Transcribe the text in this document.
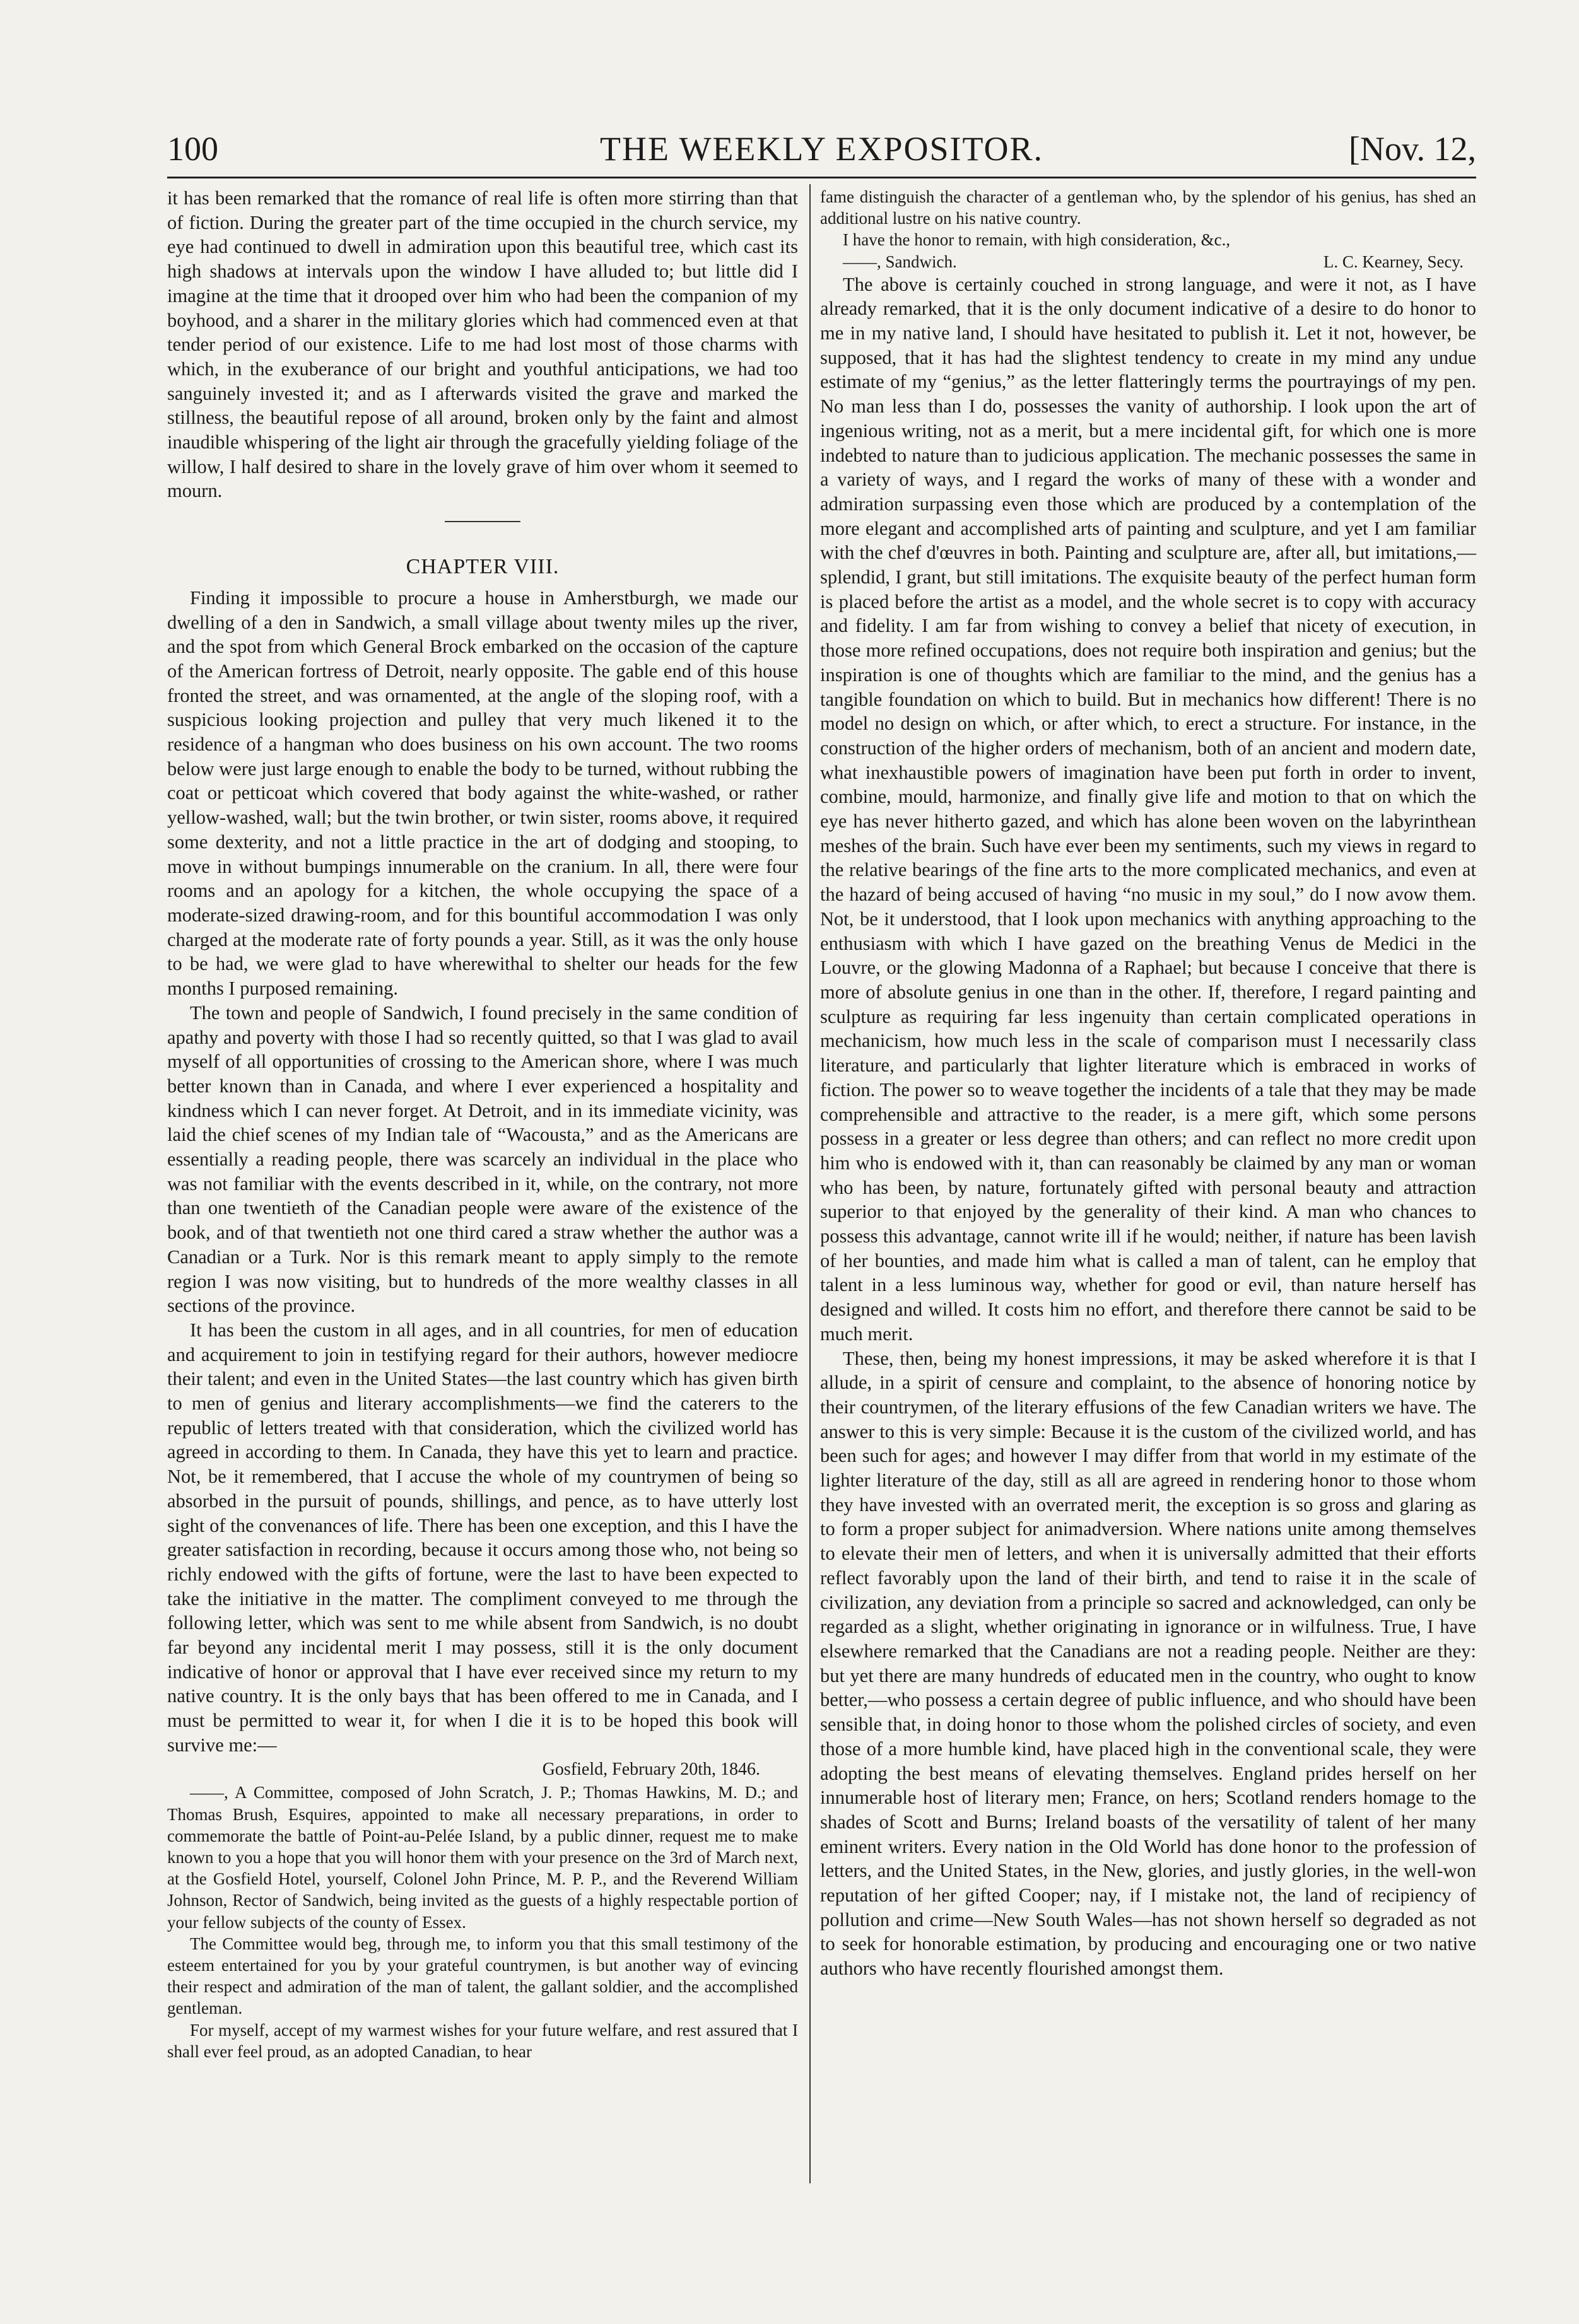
100	THE WEEKLY EXPOSITOR.	[Nov. 12,

it has been remarked that the romance of real life is often more stirring than that of fiction. During the greater part of the time occupied in the church service, my eye had continued to dwell in admiration upon this beautiful tree, which cast its high shadows at intervals upon the window I have alluded to; but little did I imagine at the time that it drooped over him who had been the companion of my boyhood, and a sharer in the military glories which had commenced even at that tender period of our existence. Life to me had lost most of those charms with which, in the exuberance of our bright and youthful anticipations, we had too sanguinely invested it; and as I afterwards visited the grave and marked the stillness, the beautiful repose of all around, broken only by the faint and almost inaudible whispering of the light air through the gracefully yielding foliage of the willow, I half desired to share in the lovely grave of him over whom it seemed to mourn.

CHAPTER VIII.

Finding it impossible to procure a house in Amherstburgh, we made our dwelling of a den in Sandwich, a small village about twenty miles up the river, and the spot from which General Brock embarked on the occasion of the capture of the American fortress of Detroit, nearly opposite. The gable end of this house fronted the street, and was ornamented, at the angle of the sloping roof, with a suspicious looking projection and pulley that very much likened it to the residence of a hangman who does business on his own account. The two rooms below were just large enough to enable the body to be turned, without rubbing the coat or petticoat which covered that body against the white-washed, or rather yellow-washed, wall; but the twin brother, or twin sister, rooms above, it required some dexterity, and not a little practice in the art of dodging and stooping, to move in without bumpings innumerable on the cranium. In all, there were four rooms and an apology for a kitchen, the whole occupying the space of a moderate-sized drawing-room, and for this bountiful accommodation I was only charged at the moderate rate of forty pounds a year. Still, as it was the only house to be had, we were glad to have wherewithal to shelter our heads for the few months I purposed remaining.

The town and people of Sandwich, I found precisely in the same condition of apathy and poverty with those I had so recently quitted, so that I was glad to avail myself of all opportunities of crossing to the American shore, where I was much better known than in Canada, and where I ever experienced a hospitality and kindness which I can never forget. At Detroit, and in its immediate vicinity, was laid the chief scenes of my Indian tale of “Wacousta,” and as the Americans are essentially a reading people, there was scarcely an individual in the place who was not familiar with the events described in it, while, on the contrary, not more than one twentieth of the Canadian people were aware of the existence of the book, and of that twentieth not one third cared a straw whether the author was a Canadian or a Turk. Nor is this remark meant to apply simply to the remote region I was now visiting, but to hundreds of the more wealthy classes in all sections of the province.

It has been the custom in all ages, and in all countries, for men of education and acquirement to join in testifying regard for their authors, however mediocre their talent; and even in the United States—the last country which has given birth to men of genius and literary accomplishments—we find the caterers to the republic of letters treated with that consideration, which the civilized world has agreed in according to them. In Canada, they have this yet to learn and practice. Not, be it remembered, that I accuse the whole of my countrymen of being so absorbed in the pursuit of pounds, shillings, and pence, as to have utterly lost sight of the convenances of life. There has been one exception, and this I have the greater satisfaction in recording, because it occurs among those who, not being so richly endowed with the gifts of fortune, were the last to have been expected to take the initiative in the matter. The compliment conveyed to me through the following letter, which was sent to me while absent from Sandwich, is no doubt far beyond any incidental merit I may possess, still it is the only document indicative of honor or approval that I have ever received since my return to my native country. It is the only bays that has been offered to me in Canada, and I must be permitted to wear it, for when I die it is to be hoped this book will survive me:—

Gosfield, February 20th, 1846.

——, A Committee, composed of John Scratch, J. P.; Thomas Hawkins, M. D.; and Thomas Brush, Esquires, appointed to make all necessary preparations, in order to commemorate the battle of Point-au-Pelée Island, by a public dinner, request me to make known to you a hope that you will honor them with your presence on the 3rd of March next, at the Gosfield Hotel, yourself, Colonel John Prince, M. P. P., and the Reverend William Johnson, Rector of Sandwich, being invited as the guests of a highly respectable portion of your fellow subjects of the county of Essex.

The Committee would beg, through me, to inform you that this small testimony of the esteem entertained for you by your grateful countrymen, is but another way of evincing their respect and admiration of the man of talent, the gallant soldier, and the accomplished gentleman.

For myself, accept of my warmest wishes for your future welfare, and rest assured that I shall ever feel proud, as an adopted Canadian, to hear

fame distinguish the character of a gentleman who, by the splendor of his genius, has shed an additional lustre on his native country.

I have the honor to remain, with high consideration, &c.,

——, Sandwich.	L. C. Kearney, Secy.

The above is certainly couched in strong language, and were it not, as I have already remarked, that it is the only document indicative of a desire to do honor to me in my native land, I should have hesitated to publish it. Let it not, however, be supposed, that it has had the slightest tendency to create in my mind any undue estimate of my “genius,” as the letter flatteringly terms the pourtrayings of my pen. No man less than I do, possesses the vanity of authorship. I look upon the art of ingenious writing, not as a merit, but a mere incidental gift, for which one is more indebted to nature than to judicious application. The mechanic possesses the same in a variety of ways, and I regard the works of many of these with a wonder and admiration surpassing even those which are produced by a contemplation of the more elegant and accomplished arts of painting and sculpture, and yet I am familiar with the chef d'œuvres in both. Painting and sculpture are, after all, but imitations,—splendid, I grant, but still imitations. The exquisite beauty of the perfect human form is placed before the artist as a model, and the whole secret is to copy with accuracy and fidelity. I am far from wishing to convey a belief that nicety of execution, in those more refined occupations, does not require both inspiration and genius; but the inspiration is one of thoughts which are familiar to the mind, and the genius has a tangible foundation on which to build. But in mechanics how different! There is no model no design on which, or after which, to erect a structure. For instance, in the construction of the higher orders of mechanism, both of an ancient and modern date, what inexhaustible powers of imagination have been put forth in order to invent, combine, mould, harmonize, and finally give life and motion to that on which the eye has never hitherto gazed, and which has alone been woven on the labyrinthean meshes of the brain. Such have ever been my sentiments, such my views in regard to the relative bearings of the fine arts to the more complicated mechanics, and even at the hazard of being accused of having “no music in my soul,” do I now avow them. Not, be it understood, that I look upon mechanics with anything approaching to the enthusiasm with which I have gazed on the breathing Venus de Medici in the Louvre, or the glowing Madonna of a Raphael; but because I conceive that there is more of absolute genius in one than in the other. If, therefore, I regard painting and sculpture as requiring far less ingenuity than certain complicated operations in mechanicism, how much less in the scale of comparison must I necessarily class literature, and particularly that lighter literature which is embraced in works of fiction. The power so to weave together the incidents of a tale that they may be made comprehensible and attractive to the reader, is a mere gift, which some persons possess in a greater or less degree than others; and can reflect no more credit upon him who is endowed with it, than can reasonably be claimed by any man or woman who has been, by nature, fortunately gifted with personal beauty and attraction superior to that enjoyed by the generality of their kind. A man who chances to possess this advantage, cannot write ill if he would; neither, if nature has been lavish of her bounties, and made him what is called a man of talent, can he employ that talent in a less luminous way, whether for good or evil, than nature herself has designed and willed. It costs him no effort, and therefore there cannot be said to be much merit.

These, then, being my honest impressions, it may be asked wherefore it is that I allude, in a spirit of censure and complaint, to the absence of honoring notice by their countrymen, of the literary effusions of the few Canadian writers we have. The answer to this is very simple: Because it is the custom of the civilized world, and has been such for ages; and however I may differ from that world in my estimate of the lighter literature of the day, still as all are agreed in rendering honor to those whom they have invested with an overrated merit, the exception is so gross and glaring as to form a proper subject for animadversion. Where nations unite among themselves to elevate their men of letters, and when it is universally admitted that their efforts reflect favorably upon the land of their birth, and tend to raise it in the scale of civilization, any deviation from a principle so sacred and acknowledged, can only be regarded as a slight, whether originating in ignorance or in wilfulness. True, I have elsewhere remarked that the Canadians are not a reading people. Neither are they: but yet there are many hundreds of educated men in the country, who ought to know better,—who possess a certain degree of public influence, and who should have been sensible that, in doing honor to those whom the polished circles of society, and even those of a more humble kind, have placed high in the conventional scale, they were adopting the best means of elevating themselves. England prides herself on her innumerable host of literary men; France, on hers; Scotland renders homage to the shades of Scott and Burns; Ireland boasts of the versatility of talent of her many eminent writers. Every nation in the Old World has done honor to the profession of letters, and the United States, in the New, glories, and justly glories, in the well-won reputation of her gifted Cooper; nay, if I mistake not, the land of recipiency of pollution and crime—New South Wales—has not shown herself so degraded as not to seek for honorable estimation, by producing and encouraging one or two native authors who have recently flourished amongst them.
